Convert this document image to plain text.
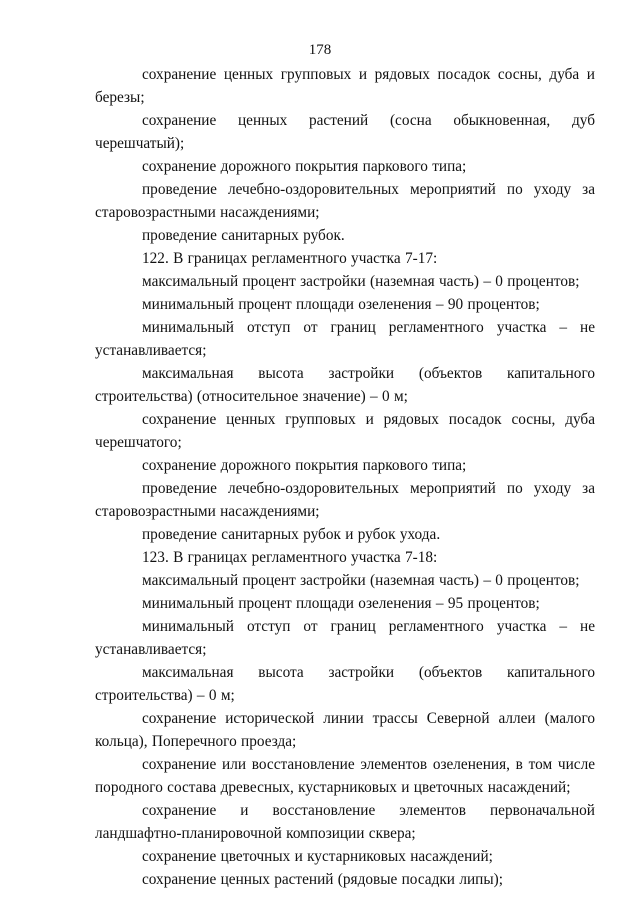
178

сохранение ценных групповых и рядовых посадок сосны, дуба и березы;

сохранение ценных растений (сосна обыкновенная, дуб черешчатый);

сохранение дорожного покрытия паркового типа;

проведение лечебно-оздоровительных мероприятий по уходу за старовозрастными насаждениями;

проведение санитарных рубок.

122. В границах регламентного участка 7-17:

максимальный процент застройки (наземная часть) – 0 процентов;

минимальный процент площади озеленения – 90 процентов;

минимальный отступ от границ регламентного участка – не устанавливается;

максимальная высота застройки (объектов капитального строительства) (относительное значение) – 0 м;

сохранение ценных групповых и рядовых посадок сосны, дуба черешчатого;

сохранение дорожного покрытия паркового типа;

проведение лечебно-оздоровительных мероприятий по уходу за старовозрастными насаждениями;

проведение санитарных рубок и рубок ухода.

123. В границах регламентного участка 7-18:

максимальный процент застройки (наземная часть) – 0 процентов;

минимальный процент площади озеленения – 95 процентов;

минимальный отступ от границ регламентного участка – не устанавливается;

максимальная высота застройки (объектов капитального строительства) – 0 м;

сохранение исторической линии трассы Северной аллеи (малого кольца), Поперечного проезда;

сохранение или восстановление элементов озеленения, в том числе породного состава древесных, кустарниковых и цветочных насаждений;

сохранение и восстановление элементов первоначальной ландшафтно-планировочной композиции сквера;

сохранение цветочных и кустарниковых насаждений;

сохранение ценных растений (рядовые посадки липы);
